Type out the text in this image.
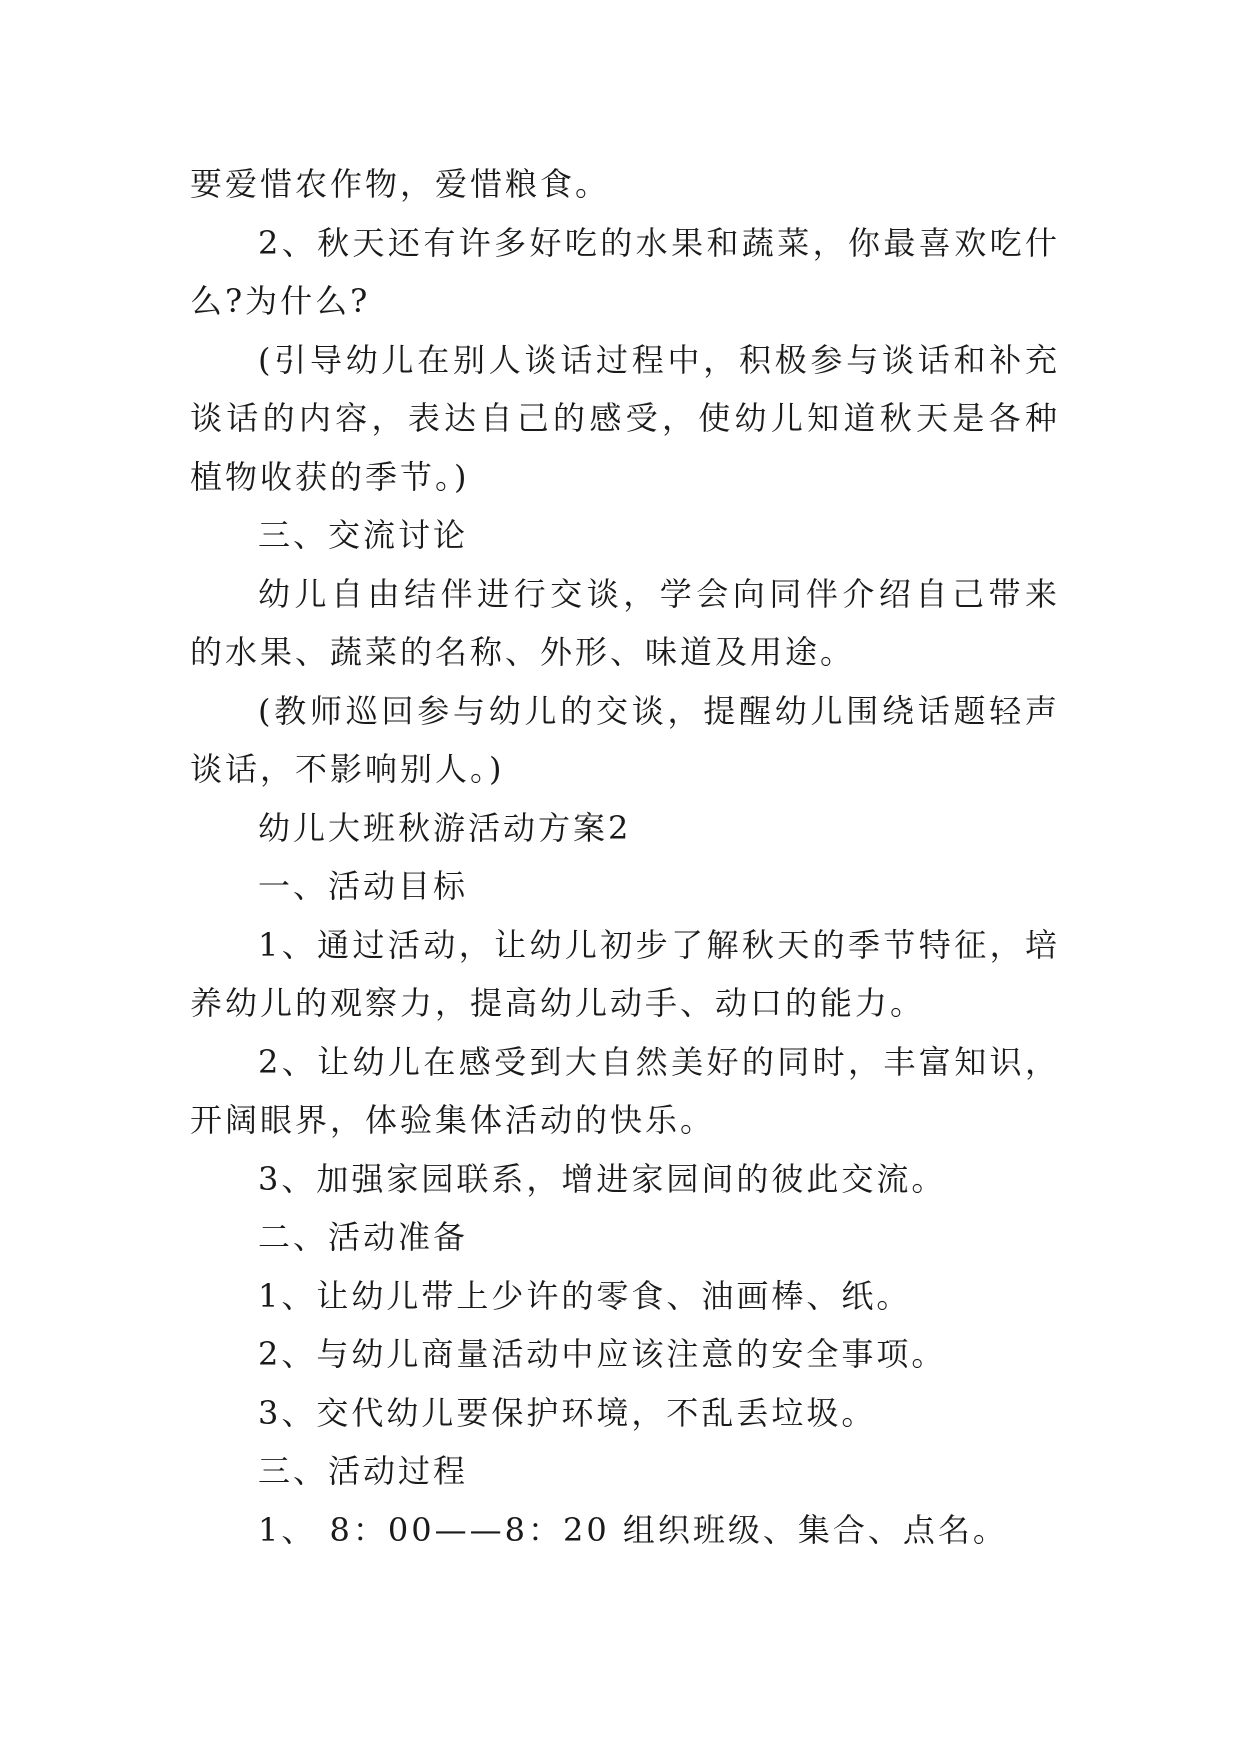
要爱惜农作物，爱惜粮食。

2、秋天还有许多好吃的水果和蔬菜，你最喜欢吃什么?为什么?

(引导幼儿在别人谈话过程中，积极参与谈话和补充谈话的内容，表达自己的感受，使幼儿知道秋天是各种植物收获的季节。)

三、交流讨论

幼儿自由结伴进行交谈，学会向同伴介绍自己带来的水果、蔬菜的名称、外形、味道及用途。

(教师巡回参与幼儿的交谈，提醒幼儿围绕话题轻声谈话，不影响别人。)

幼儿大班秋游活动方案2

一、活动目标

1、通过活动，让幼儿初步了解秋天的季节特征，培养幼儿的观察力，提高幼儿动手、动口的能力。

2、让幼儿在感受到大自然美好的同时，丰富知识，开阔眼界，体验集体活动的快乐。

3、加强家园联系，增进家园间的彼此交流。

二、活动准备

1、让幼儿带上少许的零食、油画棒、纸。

2、与幼儿商量活动中应该注意的安全事项。

3、交代幼儿要保护环境，不乱丢垃圾。

三、活动过程

1、 8：00——8：20 组织班级、集合、点名。
